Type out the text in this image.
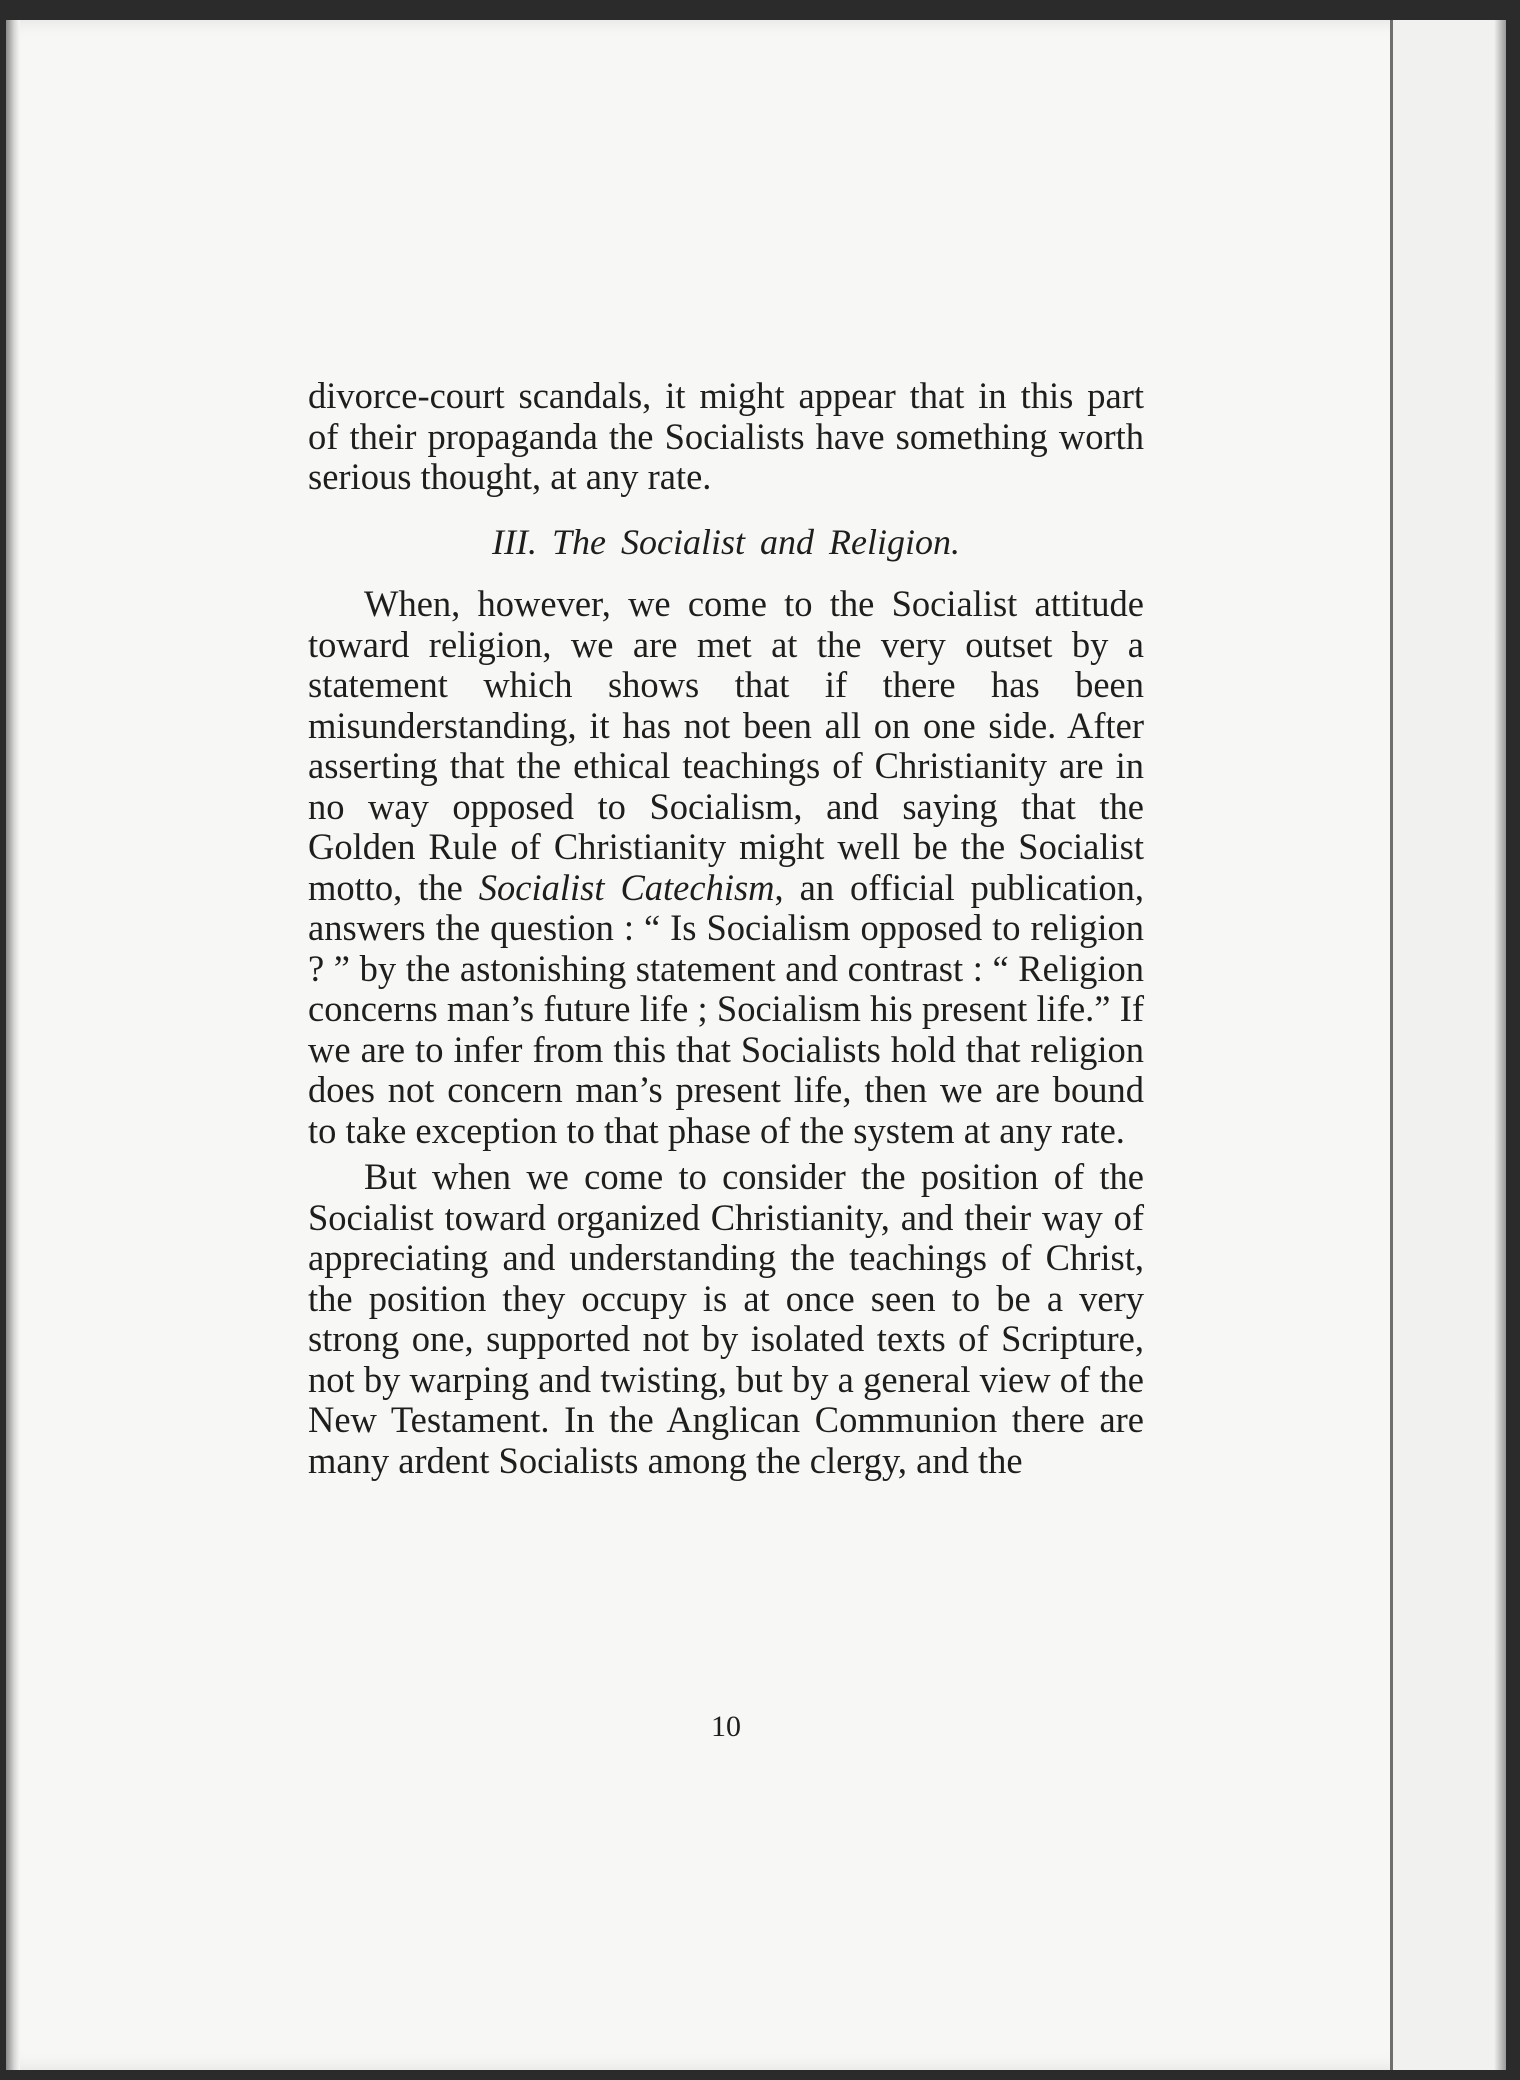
divorce-court scandals, it might appear that in this part of their propaganda the Socialists have something worth serious thought, at any rate.

III. The Socialist and Religion.

When, however, we come to the Socialist attitude toward religion, we are met at the very outset by a statement which shows that if there has been misunderstanding, it has not been all on one side. After asserting that the ethical teachings of Christianity are in no way opposed to Socialism, and saying that the Golden Rule of Christianity might well be the Socialist motto, the Socialist Catechism, an official publication, answers the question : “ Is Socialism opposed to religion ? ” by the astonishing statement and contrast : “ Religion concerns man’s future life ; Socialism his present life.” If we are to infer from this that Socialists hold that religion does not concern man’s present life, then we are bound to take exception to that phase of the system at any rate.

But when we come to consider the position of the Socialist toward organized Christianity, and their way of appreciating and understanding the teachings of Christ, the position they occupy is at once seen to be a very strong one, supported not by isolated texts of Scripture, not by warping and twisting, but by a general view of the New Testament. In the Anglican Communion there are many ardent Socialists among the clergy, and the

10
